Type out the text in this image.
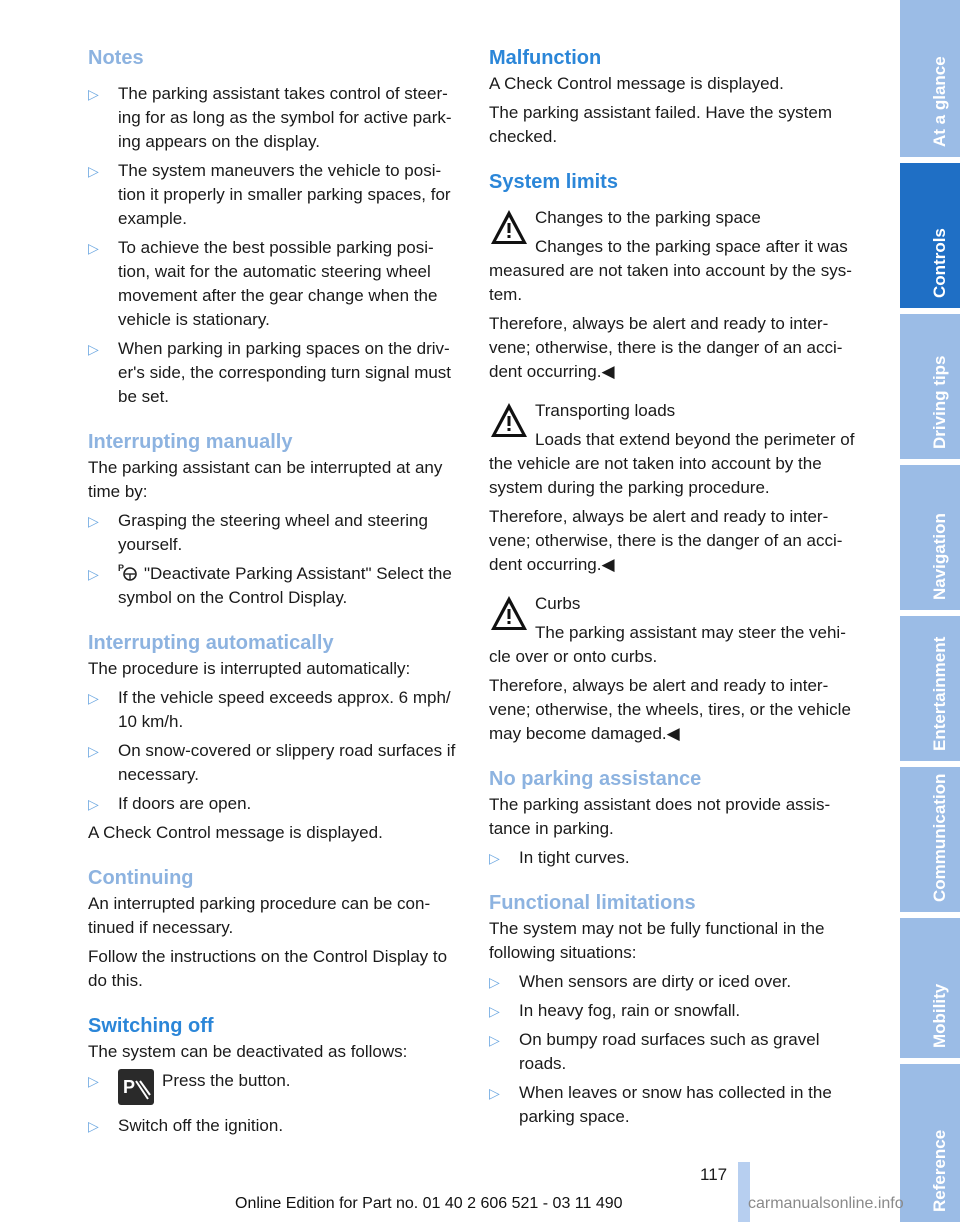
Notes
▷ The parking assistant takes control of steer-ing for as long as the symbol for active park-ing appears on the display.
▷ The system maneuvers the vehicle to posi-tion it properly in smaller parking spaces, for example.
▷ To achieve the best possible parking posi-tion, wait for the automatic steering wheel movement after the gear change when the vehicle is stationary.
▷ When parking in parking spaces on the driv-er's side, the corresponding turn signal must be set.
Interrupting manually

The parking assistant can be interrupted at any time by:

▷ Grasping the steering wheel and steering yourself.
▷ P "Deactivate Parking Assistant" Select the symbol on the Control Display.
Interrupting automatically

The procedure is interrupted automatically:

▷ If the vehicle speed exceeds approx. 6 mph/ 10 km/h.
▷ On snow-covered or slippery road surfaces if necessary.
▷ If doors are open.

A Check Control message is displayed.

Continuing

An interrupted parking procedure can be con-tinued if necessary.

Follow the instructions on the Control Display to do this.

Switching off

The system can be deactivated as follows:

▷ P Press the button.
▷ Switch off the ignition.
Malfunction

A Check Control message is displayed.

The parking assistant failed. Have the system checked.

System limits

Changes to the parking space

Changes to the parking space after it was measured are not taken into account by the sys-tem.

Therefore, always be alert and ready to inter-vene; otherwise, there is the danger of an acci-dent occurring.◀

Transporting loads

Loads that extend beyond the perimeter of the vehicle are not taken into account by the system during the parking procedure.

Therefore, always be alert and ready to inter-vene; otherwise, there is the danger of an acci-dent occurring.◀

Curbs

The parking assistant may steer the vehi-cle over or onto curbs.

Therefore, always be alert and ready to inter-vene; otherwise, the wheels, tires, or the vehicle may become damaged.◀

No parking assistance

The parking assistant does not provide assis-tance in parking.

▷ In tight curves.
Functional limitations

The system may not be fully functional in the following situations:

▷ When sensors are dirty or iced over.
▷ In heavy fog, rain or snowfall.
▷ On bumpy road surfaces such as gravel roads.
▷ When leaves or snow has collected in the parking space.
At a glance
Controls
Driving tips
Navigation
Entertainment
Communication
Mobility
Reference
117
Online Edition for Part no. 01 40 2 606 521 - 03 11 490	carmanualsonline.info
